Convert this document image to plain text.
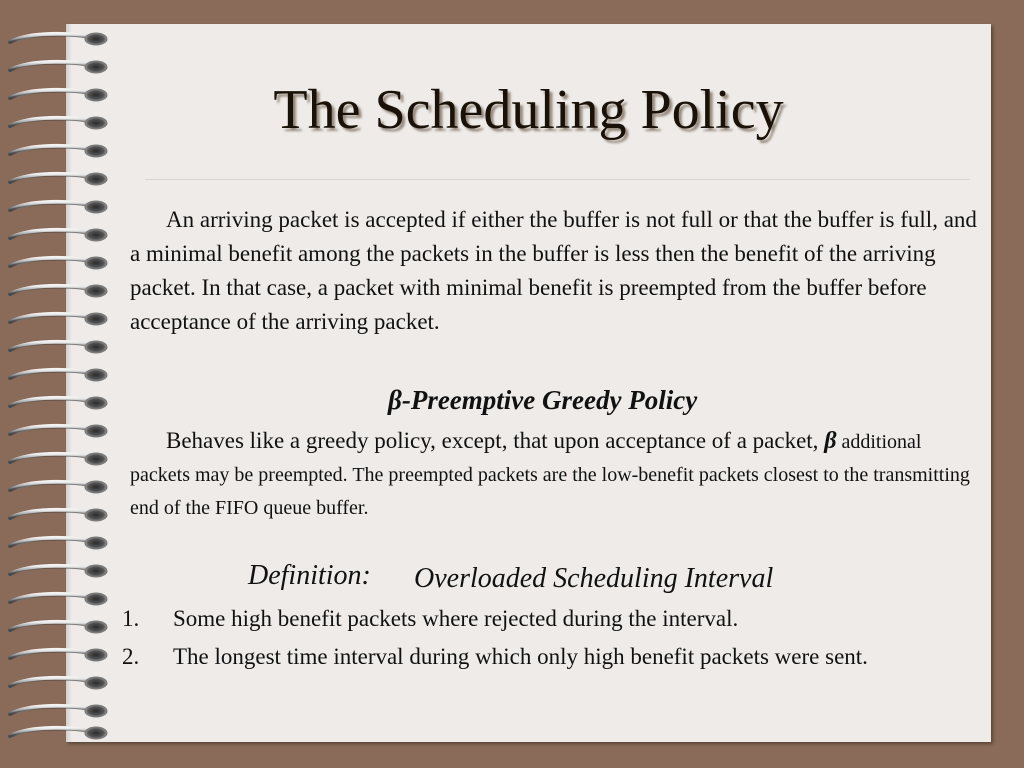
The Scheduling Policy

An arriving packet is accepted if either the buffer is not full or that the buffer is full, and a minimal benefit among the packets in the buffer is less then the benefit of the arriving packet. In that case, a packet with minimal benefit is preempted from the buffer before acceptance of the arriving packet.

β-Preemptive Greedy Policy

Behaves like a greedy policy, except, that upon acceptance of a packet, β additional packets may be preempted. The preempted packets are the low-benefit packets closest to the transmitting end of the FIFO queue buffer.

Definition: Overloaded Scheduling Interval
1. Some high benefit packets where rejected during the interval.
2. The longest time interval during which only high benefit packets were sent.
